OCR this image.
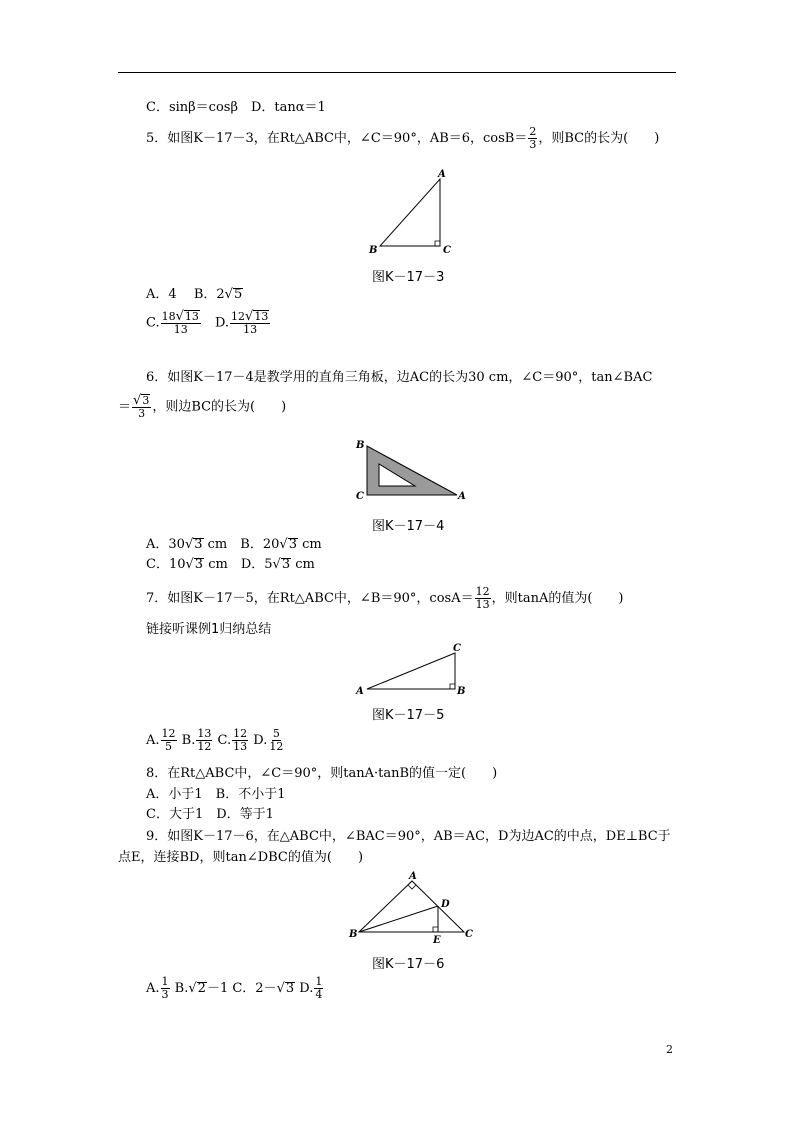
C．sinβ＝cosβ　D．tanα＝1
5．如图K－17－3，在Rt△ABC中，∠C＝90°，AB＝6，$\cos B= \frac{2}{3}$ ，则BC的长为(　　)
A
B	C
图K－17－3
A．4　 B．2 √ 5
C. $\frac{18 √ 13}{13}$
　 D. $\frac{12 √ 13}{13}$
6．如图K－17－4是教学用的直角三角板，边AC的长为30 cm，∠C＝90°，tan∠BAC
＝ $\frac{√ 3}{3}$ ，则边BC的长为(　　)
B
C	A
图K－17－4
A．30 √ 3 cm　 B．20 √ 3 cm
C．10 √ 3 cm　 D．5 √ 3 cm
7．如图K－17－5，在Rt△ABC中，∠B＝90°，$\cos A= \frac{12}{13}$ ，则tanA的值为(　　)
链接听课例1归纳总结
C
A	B
图K－17－5
A. $\frac{12}{5} B$. $\frac{13}{12} C$. $\frac{12}{13} D$. $\frac{5}{12}$
8．在Rt△ABC中，∠C＝90°，则tanA·tanB的值一定(　　)
A．小于1　B．不小于1
C．大于1　D．等于1
9．如图K－17－6，在△ABC中，∠BAC＝90°，AB＝AC，D为边AC的中点，DE⊥BC于
点E，连接BD，则tan∠DBC的值为(　　)
A
B	C
D
E
图K－17－6
A. $\frac{1}{3} B$. √ 2 －1 C．2－ √ 3 D. $\frac{1}{4}$
2
